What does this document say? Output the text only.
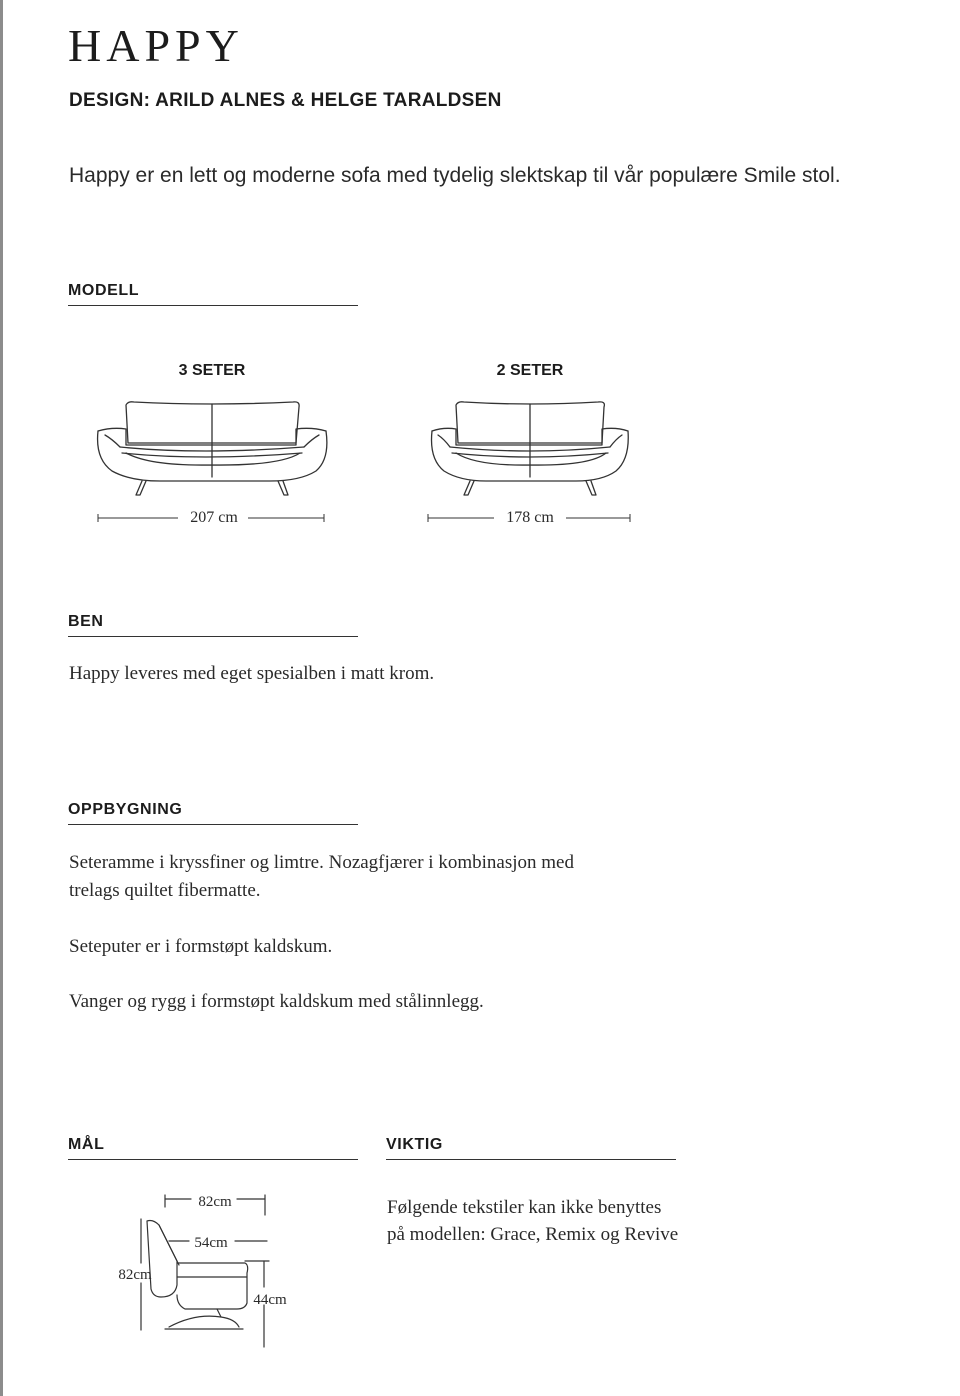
HAPPY
DESIGN: ARILD ALNES & HELGE TARALDSEN

Happy er en lett og moderne sofa med tydelig slektskap til vår populære Smile stol.

MODELL
3 SETER	2 SETER
207 cm	178 cm
BEN

Happy leveres med eget spesialben i matt krom.

OPPBYGNING

Seteramme i kryssfiner og limtre. Nozagfjærer i kombinasjon med

trelags quiltet fibermatte.

Seteputer er i formstøpt kaldskum.

Vanger og rygg i formstøpt kaldskum med stålinnlegg.

MÅL
82cm
54cm
82cm
44cm
VIKTIG

Følgende tekstiler kan ikke benyttes

på modellen: Grace, Remix og Revive
